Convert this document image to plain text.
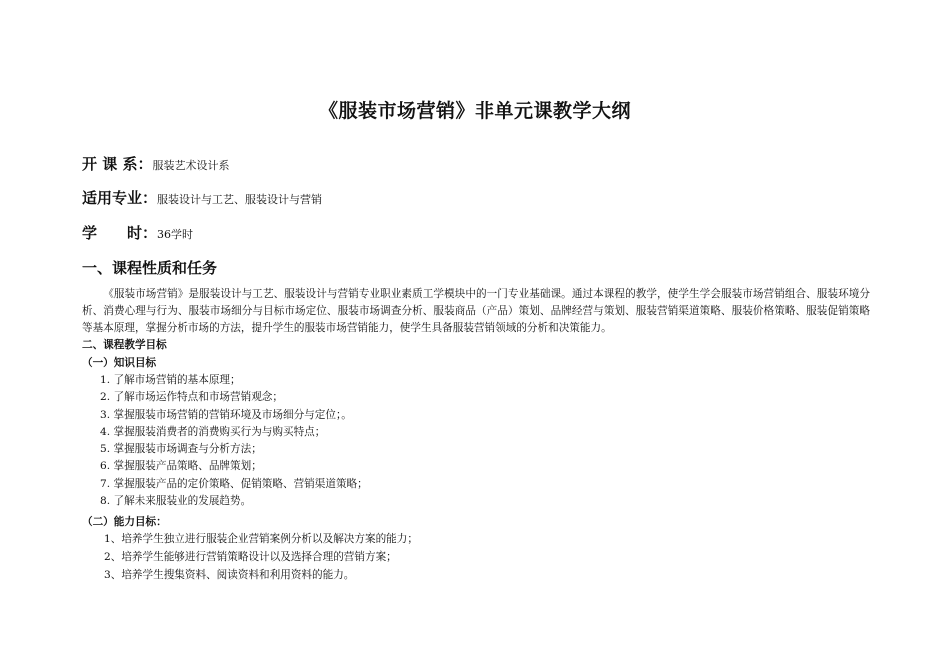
《服装市场营销》非单元课教学大纲
开 课 系：服装艺术设计系
适用专业：服装设计与工艺、服装设计与营销
学　　时：36学时
一、课程性质和任务
《服装市场营销》是服装设计与工艺、服装设计与营销专业职业素质工学模块中的一门专业基础课。通过本课程的教学，使学生学会服装市场营销组合、服装环境分析、消费心理与行为、服装市场细分与目标市场定位、服装市场调查分析、服装商品（产品）策划、品牌经营与策划、服装营销渠道策略、服装价格策略、服装促销策略等基本原理，掌握分析市场的方法，提升学生的服装市场营销能力，使学生具备服装营销领域的分析和决策能力。
二、课程教学目标
（一）知识目标
1. 了解市场营销的基本原理；
2. 了解市场运作特点和市场营销观念；
3. 掌握服装市场营销的营销环境及市场细分与定位；。
4. 掌握服装消费者的消费购买行为与购买特点；
5. 掌握服装市场调查与分析方法；
6. 掌握服装产品策略、品牌策划；
7. 掌握服装产品的定价策略、促销策略、营销渠道策略；
8. 了解未来服装业的发展趋势。
（二）能力目标：
1、培养学生独立进行服装企业营销案例分析以及解决方案的能力；
2、培养学生能够进行营销策略设计以及选择合理的营销方案；
3、培养学生搜集资料、阅读资料和利用资料的能力。
